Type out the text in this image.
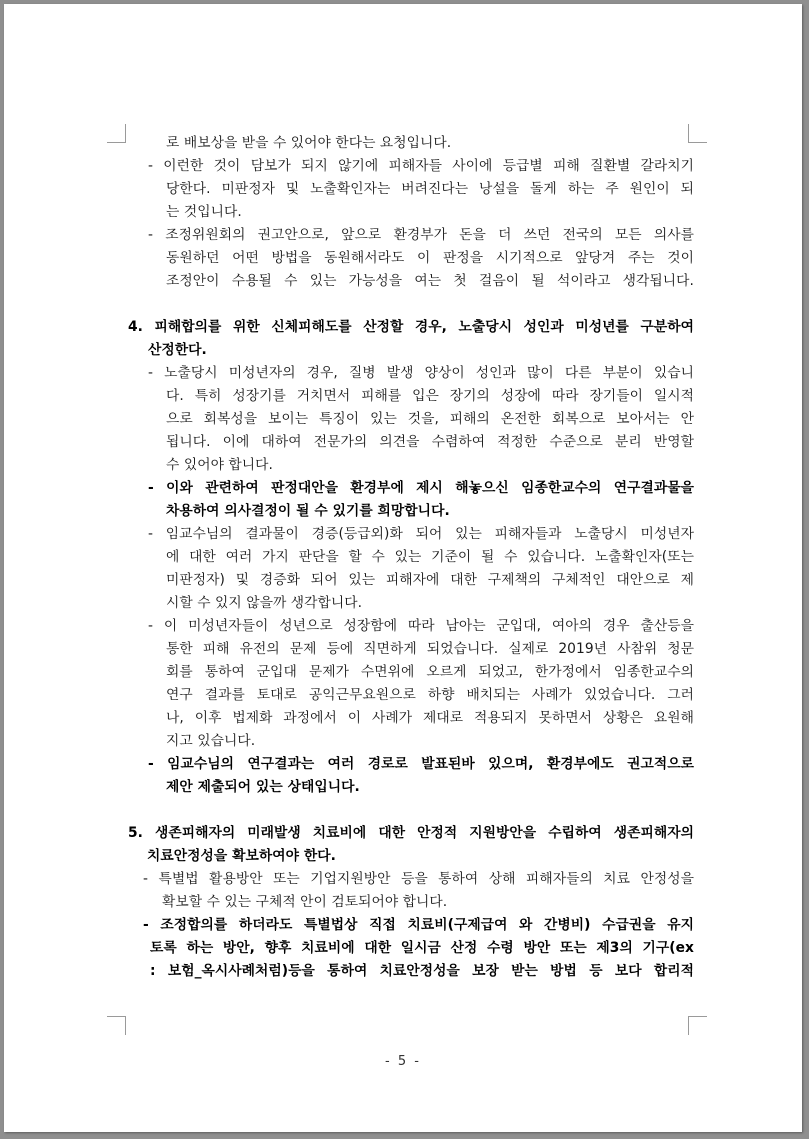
로 배보상을 받을 수 있어야 한다는 요청입니다.
- 이런한 것이 담보가 되지 않기에 피해자들 사이에 등급별 피해 질환별 갈라치기
당한다. 미판정자 및 노출확인자는 버려진다는 낭설을 돌게 하는 주 원인이 되
는 것입니다.
- 조정위원회의 권고안으로, 앞으로 환경부가 돈을 더 쓰던 전국의 모든 의사를
동원하던 어떤 방법을 동원해서라도 이 판정을 시기적으로 앞당겨 주는 것이
조정안이 수용될 수 있는 가능성을 여는 첫 걸음이 될 석이라고 생각됩니다.
4. 피해합의를 위한 신체피해도를 산정할 경우, 노출당시 성인과 미성년를 구분하여
산정한다.
- 노출당시 미성년자의 경우, 질병 발생 양상이 성인과 많이 다른 부분이 있습니
다. 특히 성장기를 거치면서 피해를 입은 장기의 성장에 따라 장기들이 일시적
으로 회복성을 보이는 특징이 있는 것을, 피해의 온전한 회복으로 보아서는 안
됩니다. 이에 대하여 전문가의 의견을 수렴하여 적정한 수준으로 분리 반영할
수 있어야 합니다.
- 이와 관련하여 판정대안을 환경부에 제시 해놓으신 임종한교수의 연구결과물을
차용하여 의사결정이 될 수 있기를 희망합니다.
- 임교수님의 결과물이 경증(등급외)화 되어 있는 피해자들과 노출당시 미성년자
에 대한 여러 가지 판단을 할 수 있는 기준이 될 수 있습니다. 노출확인자(또는
미판정자) 및 경증화 되어 있는 피해자에 대한 구제책의 구체적인 대안으로 제
시할 수 있지 않을까 생각합니다.
- 이 미성년자들이 성년으로 성장함에 따라 남아는 군입대, 여아의 경우 출산등을
통한 피해 유전의 문제 등에 직면하게 되었습니다. 실제로 2019년 사참위 청문
회를 통하여 군입대 문제가 수면위에 오르게 되었고, 한가정에서 임종한교수의
연구 결과를 토대로 공익근무요원으로 하향 배치되는 사례가 있었습니다. 그러
나, 이후 법제화 과정에서 이 사례가 제대로 적용되지 못하면서 상황은 요원해
지고 있습니다.
- 임교수님의 연구결과는 여러 경로로 발표된바 있으며, 환경부에도 권고적으로
제안 제출되어 있는 상태입니다.
5. 생존피해자의 미래발생 치료비에 대한 안정적 지원방안을 수립하여 생존피해자의
치료안정성을 확보하여야 한다.
- 특별법 활용방안 또는 기업지원방안 등을 통하여 상해 피해자들의 치료 안정성을
확보할 수 있는 구체적 안이 검토되어야 합니다.
- 조정합의를 하더라도 특별법상 직접 치료비(구제급여 와 간병비) 수급권을 유지
토록 하는 방안, 향후 치료비에 대한 일시금 산정 수령 방안 또는 제3의 기구(ex
: 보험_옥시사례처럼)등을 통하여 치료안정성을 보장 받는 방법 등 보다 합리적
- 5 -
